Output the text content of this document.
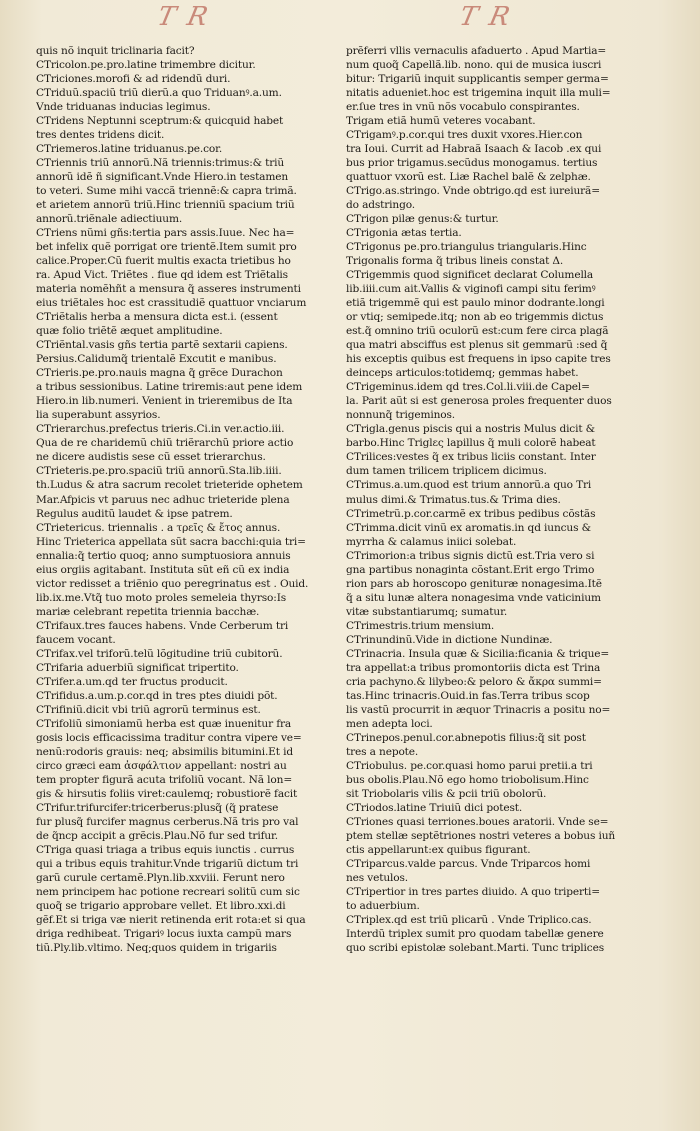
T R	T R
quis nõ inquit triclinaria facit?
CTricolon.pe.pro.latine trimembre dicitur.
CTriciones.morofi & ad ridendũ duri.
CTriduũ.spaciũ triũ dierũ.a quo Triduanꝰ.a.um.
Vnde triduanas inducias legimus.
CTridens Neptunni sceptrum:& quicquid habet
tres dentes tridens dicit.
CTriemeros.latine triduanus.pe.cor.
CTriennis triũ annorũ.Nã triennis:trimus:& triũ
annorũ idẽ ñ significant.Vnde Hiero.in testamen
to veteri. Sume mihi vaccã triennẽ:& capra trimã.
et arietem annorũ triũ.Hinc trienniũ spacium triũ
annorũ.triẽnale adiectiuum.
CTriens nũmi gñs:tertia pars assis.Iuue. Nec ha=
bet infelix quẽ porrigat ore trientẽ.Item sumit pro
calice.Proper.Cũ fuerit multis exacta trietibus ho
ra. Apud Vict. Triẽtes . fiue qd idem est Triẽtalis
materia nomẽhñt a mensura q̃ asseres instrumenti
eius triẽtales hoc est crassitudiẽ quattuor vnciarum
CTriẽtalis herba a mensura dicta est.i. (essent
quæ folio triẽtẽ æquet amplitudine.
CTriẽntal.vasis gñs tertia partẽ sextarii capiens.
Persius.Calidumq̃ trientalẽ Excutit e manibus.
CTrieris.pe.pro.nauis magna q̃ grẽce Durachon
a tribus sessionibus. Latine triremis:aut pene idem
Hiero.in lib.numeri. Venient in trieremibus de Ita
lia superabunt assyrios.
CTrierarchus.prefectus trieris.Ci.in ver.actio.iii.
Qua de re charidemũ chiũ triẽrarchũ priore actio
ne dicere audistis sese cũ esset trierarchus.
CTrieteris.pe.pro.spaciũ triũ annorũ.Sta.lib.iiii.
th.Ludus & atra sacrum recolet trieteride ophetem
Mar.Afpicis vt paruus nec adhuc trieteride plena
Regulus auditũ laudet & ipse patrem.
CTrietericus. triennalis . a τρεῖς & ἔτος annus.
Hinc Trieterica appellata sũt sacra bacchi:quia tri=
ennalia:q̃ tertio quoq; anno sumptuosiora annuis
eius orgiis agitabant. Instituta sũt eñ cũ ex india
victor redisset a triẽnio quo peregrinatus est . Ouid.
lib.ix.me.Vtq̃ tuo moto proles semeleia thyrso:Is
mariæ celebrant repetita triennia bacchæ.
CTrifaux.tres fauces habens. Vnde Cerberum tri
faucem vocant.
CTrifax.vel triforũ.telũ lõgitudine triũ cubitorũ.
CTrifaria aduerbiũ significat tripertito.
CTrifer.a.um.qd ter fructus producit.
CTrifidus.a.um.p.cor.qd in tres ptes diuidi põt.
CTrifiniũ.dicit vbi triũ agrorũ terminus est.
CTrifoliũ simoniamũ herba est quæ inuenitur fra
gosis locis efficacissima traditur contra vipere ve=
nenũ:rodoris grauis: neq; absimilis bitumini.Et id
circo græci eam ἀσφάλτιον appellant: nostri au
tem propter figurã acuta trifoliũ vocant. Nã lon=
gis & hirsutis foliis viret:caulemq; robustiorẽ facit
CTrifur.trifurcifer:tricerberus:plusq̃ (q̃ pratese
fur plusq̃ furcifer magnus cerberus.Nã tris pro val
de q̃ncp accipit a grẽcis.Plau.Nõ fur sed trifur.
CTriga quasi triaga a tribus equis iunctis . currus
qui a tribus equis trahitur.Vnde trigariũ dictum tri
garũ curule certamẽ.Plyn.lib.xxviii. Ferunt nero
nem principem hac potione recreari solitũ cum sic
quoq̃ se trigario approbare vellet. Et libro.xxi.di
gẽf.Et si triga væ nierit retinenda erit rota:et si qua
driga redhibeat. Trigariꝰ locus iuxta campũ mars
tiũ.Ply.lib.vltimo. Neq;quos quidem in trigariis
prẽferri vllis vernaculis afaduerto . Apud Martia=
num quoq̃ Capellã.lib. nono. qui de musica iuscri
bitur: Trigariũ inquit supplicantis semper germa=
nitatis adueniet.hoc est trigemina inquit illa muli=
er.ſue tres in vnũ nõs vocabulo conspirantes.
Trigam etiã humũ veteres vocabant.
CTrigamꝰ.p.cor.qui tres duxit vxores.Hier.con
tra Ioui. Currit ad Habraã Isaach & Iacob .ex qui
bus prior trigamus.secũdus monogamus. tertius
quattuor vxorũ est. Liæ Rachel balẽ & zelphæ.
CTrigo.as.stringo. Vnde obtrigo.qd est iureiurã=
do adstringo.
CTrigon pilæ genus:& turtur.
CTrigonia ætas tertia.
CTrigonus pe.pro.triangulus triangularis.Hinc
Trigonalis forma q̃ tribus lineis constat Δ.
CTrigemmis quod significet declarat Columella
lib.iiii.cum ait.Vallis & viginofi campi situ ferimꝰ
etiã trigemmẽ qui est paulo minor dodrante.longi
or vtiq; semipede.itq; non ab eo trigemmis dictus
est.q̃ omnino triũ oculorũ est:cum fere circa plagã
qua matri absciffus est plenus sit gemmarũ :sed q̃
his exceptis quibus est frequens in ipso capite tres
deinceps articulos:totidemq; gemmas habet.
CTrigeminus.idem qd tres.Col.li.viii.de Capel=
la. Parit aũt si est generosa proles frequenter duos
nonnunq̃ trigeminos.
CTrigla.genus piscis qui a nostris Mulus dicit &
barbo.Hinc Triglες lapillus q̃ muli colorẽ habeat
CTrilices:vestes q̃ ex tribus liciis constant. Inter
dum tamen trilicem triplicem dicimus.
CTrimus.a.um.quod est trium annorũ.a quo Tri
mulus dimi.& Trimatus.tus.& Trima dies.
CTrimetrũ.p.cor.carmẽ ex tribus pedibus cõstãs
CTrimma.dicit vinũ ex aromatis.in qd iuncus &
myrrha & calamus iniici solebat.
CTrimorion:a tribus signis dictũ est.Tria vero si
gna partibus nonaginta cõstant.Erit ergo Trimo
rion pars ab horoscopo genituræ nonagesima.Itẽ
q̃ a situ lunæ altera nonagesima vnde vaticinium
vitæ substantiarumq; sumatur.
CTrimestris.trium mensium.
CTrinundinũ.Vide in dictione Nundinæ.
CTrinacria. Insula quæ & Sicilia:ficania & trique=
tra appellat:a tribus promontoriis dicta est Trina
cria pachyno.& lilybeo:& peloro & ἄκρα summi=
tas.Hinc trinacris.Ouid.in fas.Terra tribus scop
lis vastũ procurrit in æquor Trinacris a positu no=
men adepta loci.
CTrinepos.penul.cor.abnepotis filius:q̃ sit post
tres a nepote.
CTriobulus. pe.cor.quasi homo parui pretii.a tri
bus obolis.Plau.Nõ ego homo triobolisum.Hinc
sit Triobolaris vilis & pcii triũ obolorũ.
CTriodos.latine Triuiũ dici potest.
CTriones quasi terriones.boues aratorii. Vnde se=
ptem stellæ septẽtriones nostri veteres a bobus iuñ
ctis appellarunt:ex quibus figurant.
CTriparcus.valde parcus. Vnde Triparcos homi
nes vetulos.
CTripertior in tres partes diuido. A quo triperti=
to aduerbium.
CTriplex.qd est triũ plicarũ . Vnde Triplico.cas.
Interdũ triplex sumit pro quodam tabellæ genere
quo scribi epistolæ solebant.Marti. Tunc triplices
